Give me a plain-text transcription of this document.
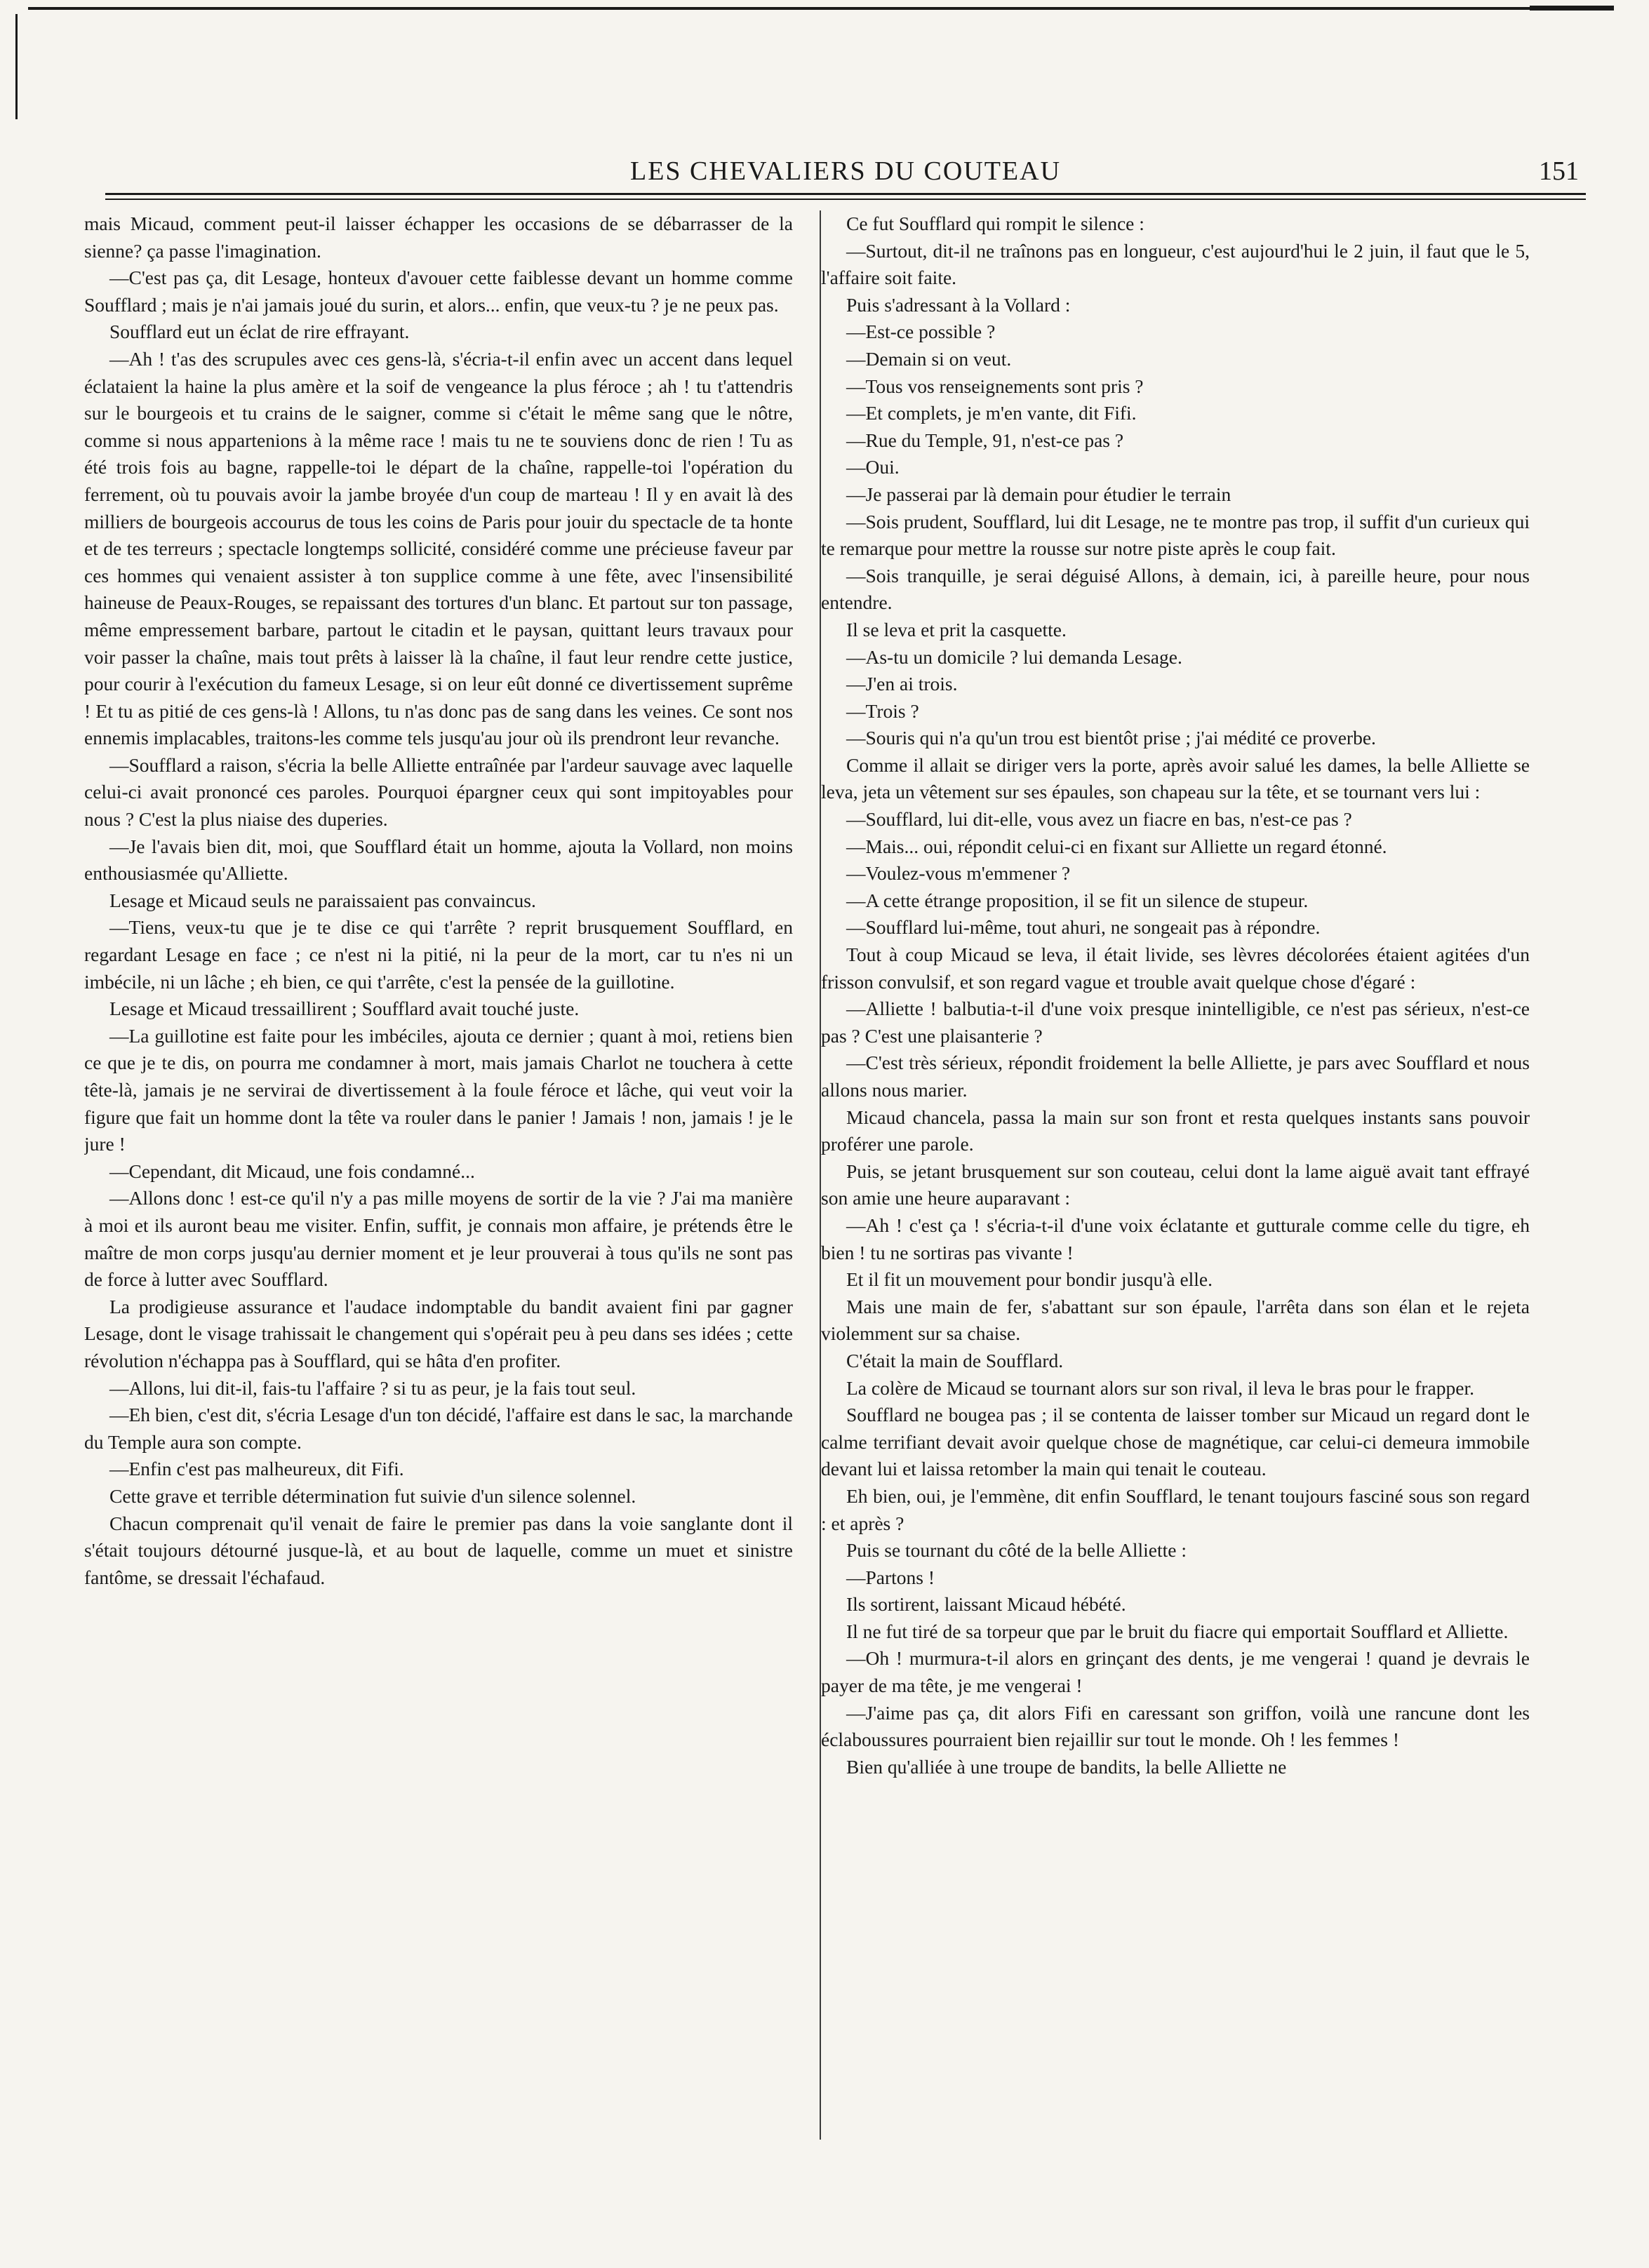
LES CHEVALIERS DU COUTEAU	151

mais Micaud, comment peut-il laisser échapper les occasions de se débarrasser de la sienne? ça passe l'imagination.

—C'est pas ça, dit Lesage, honteux d'avouer cette faiblesse devant un homme comme Soufflard ; mais je n'ai jamais joué du surin, et alors... enfin, que veux-tu ? je ne peux pas.

Soufflard eut un éclat de rire effrayant.

—Ah ! t'as des scrupules avec ces gens-là, s'écria-t-il enfin avec un accent dans lequel éclataient la haine la plus amère et la soif de vengeance la plus féroce ; ah ! tu t'attendris sur le bourgeois et tu crains de le saigner, comme si c'était le même sang que le nôtre, comme si nous appartenions à la même race ! mais tu ne te souviens donc de rien ! Tu as été trois fois au bagne, rappelle-toi le départ de la chaîne, rappelle-toi l'opération du ferrement, où tu pouvais avoir la jambe broyée d'un coup de marteau ! Il y en avait là des milliers de bourgeois accourus de tous les coins de Paris pour jouir du spectacle de ta honte et de tes terreurs ; spectacle longtemps sollicité, considéré comme une précieuse faveur par ces hommes qui venaient assister à ton supplice comme à une fête, avec l'insensibilité haineuse de Peaux-Rouges, se repaissant des tortures d'un blanc. Et partout sur ton passage, même empressement barbare, partout le citadin et le paysan, quittant leurs travaux pour voir passer la chaîne, mais tout prêts à laisser là la chaîne, il faut leur rendre cette justice, pour courir à l'exécution du fameux Lesage, si on leur eût donné ce divertissement suprême ! Et tu as pitié de ces gens-là ! Allons, tu n'as donc pas de sang dans les veines. Ce sont nos ennemis implacables, traitons-les comme tels jusqu'au jour où ils prendront leur revanche.

—Soufflard a raison, s'écria la belle Alliette entraînée par l'ardeur sauvage avec laquelle celui-ci avait prononcé ces paroles. Pourquoi épargner ceux qui sont impitoyables pour nous ? C'est la plus niaise des duperies.

—Je l'avais bien dit, moi, que Soufflard était un homme, ajouta la Vollard, non moins enthousiasmée qu'Alliette.

Lesage et Micaud seuls ne paraissaient pas convaincus.

—Tiens, veux-tu que je te dise ce qui t'arrête ? reprit brusquement Soufflard, en regardant Lesage en face ; ce n'est ni la pitié, ni la peur de la mort, car tu n'es ni un imbécile, ni un lâche ; eh bien, ce qui t'arrête, c'est la pensée de la guillotine.

Lesage et Micaud tressaillirent ; Soufflard avait touché juste.

—La guillotine est faite pour les imbéciles, ajouta ce dernier ; quant à moi, retiens bien ce que je te dis, on pourra me condamner à mort, mais jamais Charlot ne touchera à cette tête-là, jamais je ne servirai de divertissement à la foule féroce et lâche, qui veut voir la figure que fait un homme dont la tête va rouler dans le panier ! Jamais ! non, jamais ! je le jure !

—Cependant, dit Micaud, une fois condamné...

—Allons donc ! est-ce qu'il n'y a pas mille moyens de sortir de la vie ? J'ai ma manière à moi et ils auront beau me visiter. Enfin, suffit, je connais mon affaire, je prétends être le maître de mon corps jusqu'au dernier moment et je leur prouverai à tous qu'ils ne sont pas de force à lutter avec Soufflard.

La prodigieuse assurance et l'audace indomptable du bandit avaient fini par gagner Lesage, dont le visage trahissait le changement qui s'opérait peu à peu dans ses idées ; cette révolution n'échappa pas à Soufflard, qui se hâta d'en profiter.

—Allons, lui dit-il, fais-tu l'affaire ? si tu as peur, je la fais tout seul.

—Eh bien, c'est dit, s'écria Lesage d'un ton décidé, l'affaire est dans le sac, la marchande du Temple aura son compte.

—Enfin c'est pas malheureux, dit Fifi.

Cette grave et terrible détermination fut suivie d'un silence solennel.

Chacun comprenait qu'il venait de faire le premier pas dans la voie sanglante dont il s'était toujours détourné jusque-là, et au bout de laquelle, comme un muet et sinistre fantôme, se dressait l'échafaud.

Ce fut Soufflard qui rompit le silence :

—Surtout, dit-il ne traînons pas en longueur, c'est aujourd'hui le 2 juin, il faut que le 5, l'affaire soit faite.

Puis s'adressant à la Vollard :

—Est-ce possible ?

—Demain si on veut.

—Tous vos renseignements sont pris ?

—Et complets, je m'en vante, dit Fifi.

—Rue du Temple, 91, n'est-ce pas ?

—Oui.

—Je passerai par là demain pour étudier le terrain

—Sois prudent, Soufflard, lui dit Lesage, ne te montre pas trop, il suffit d'un curieux qui te remarque pour mettre la rousse sur notre piste après le coup fait.

—Sois tranquille, je serai déguisé Allons, à demain, ici, à pareille heure, pour nous entendre.

Il se leva et prit la casquette.

—As-tu un domicile ? lui demanda Lesage.

—J'en ai trois.

—Trois ?

—Souris qui n'a qu'un trou est bientôt prise ; j'ai médité ce proverbe.

Comme il allait se diriger vers la porte, après avoir salué les dames, la belle Alliette se leva, jeta un vêtement sur ses épaules, son chapeau sur la tête, et se tournant vers lui :

—Soufflard, lui dit-elle, vous avez un fiacre en bas, n'est-ce pas ?

—Mais... oui, répondit celui-ci en fixant sur Alliette un regard étonné.

—Voulez-vous m'emmener ?

—A cette étrange proposition, il se fit un silence de stupeur.

—Soufflard lui-même, tout ahuri, ne songeait pas à répondre.

Tout à coup Micaud se leva, il était livide, ses lèvres décolorées étaient agitées d'un frisson convulsif, et son regard vague et trouble avait quelque chose d'égaré :

—Alliette ! balbutia-t-il d'une voix presque inintelligible, ce n'est pas sérieux, n'est-ce pas ? C'est une plaisanterie ?

—C'est très sérieux, répondit froidement la belle Alliette, je pars avec Soufflard et nous allons nous marier.

Micaud chancela, passa la main sur son front et resta quelques instants sans pouvoir proférer une parole.

Puis, se jetant brusquement sur son couteau, celui dont la lame aiguë avait tant effrayé son amie une heure auparavant :

—Ah ! c'est ça ! s'écria-t-il d'une voix éclatante et gutturale comme celle du tigre, eh bien ! tu ne sortiras pas vivante !

Et il fit un mouvement pour bondir jusqu'à elle.

Mais une main de fer, s'abattant sur son épaule, l'arrêta dans son élan et le rejeta violemment sur sa chaise.

C'était la main de Soufflard.

La colère de Micaud se tournant alors sur son rival, il leva le bras pour le frapper.

Soufflard ne bougea pas ; il se contenta de laisser tomber sur Micaud un regard dont le calme terrifiant devait avoir quelque chose de magnétique, car celui-ci demeura immobile devant lui et laissa retomber la main qui tenait le couteau.

Eh bien, oui, je l'emmène, dit enfin Soufflard, le tenant toujours fasciné sous son regard : et après ?

Puis se tournant du côté de la belle Alliette :

—Partons !

Ils sortirent, laissant Micaud hébété.

Il ne fut tiré de sa torpeur que par le bruit du fiacre qui emportait Soufflard et Alliette.

—Oh ! murmura-t-il alors en grinçant des dents, je me vengerai ! quand je devrais le payer de ma tête, je me vengerai !

—J'aime pas ça, dit alors Fifi en caressant son griffon, voilà une rancune dont les éclaboussures pourraient bien rejaillir sur tout le monde. Oh ! les femmes !

Bien qu'alliée à une troupe de bandits, la belle Alliette ne
